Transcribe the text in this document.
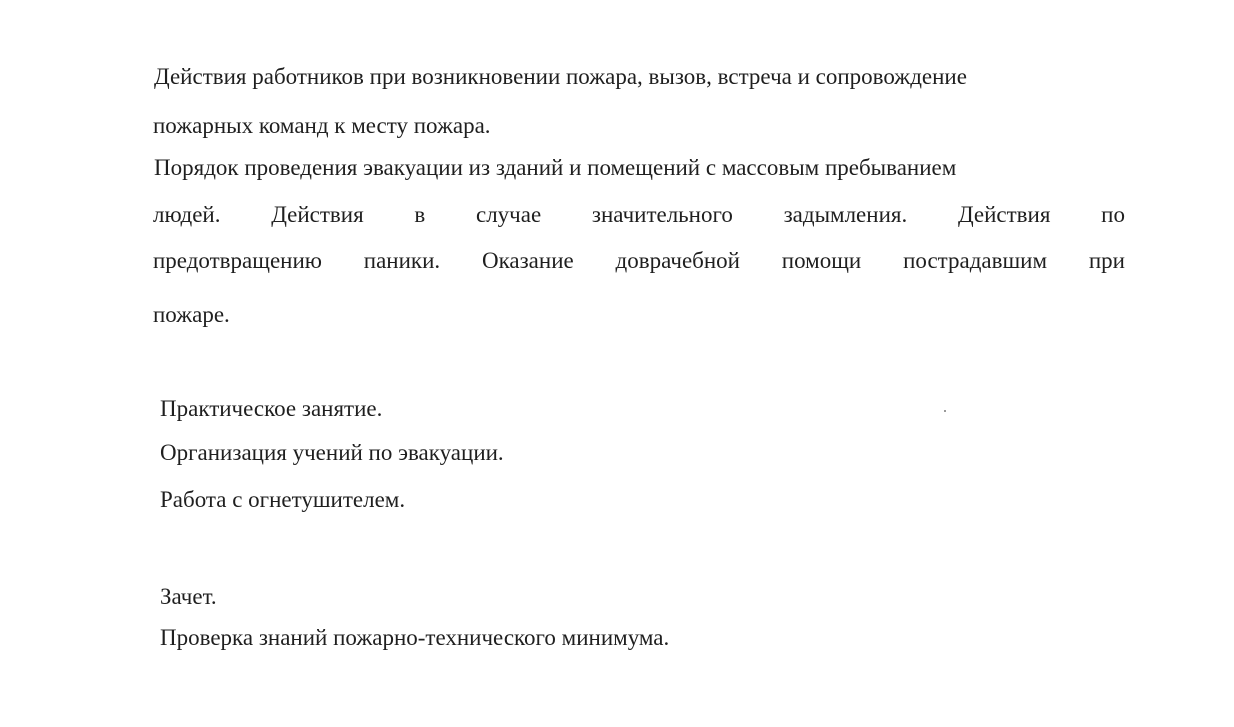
Действия работников при возникновении пожара, вызов, встреча и сопровождение
пожарных команд к месту пожара.
Порядок проведения эвакуации из зданий и помещений с массовым пребыванием
людей. Действия в случае значительного задымления. Действия по
предотвращению паники. Оказание доврачебной помощи пострадавшим при
пожаре.
Практическое занятие.
Организация учений по эвакуации.
Работа с огнетушителем.
Зачет.
Проверка знаний пожарно-технического минимума.
